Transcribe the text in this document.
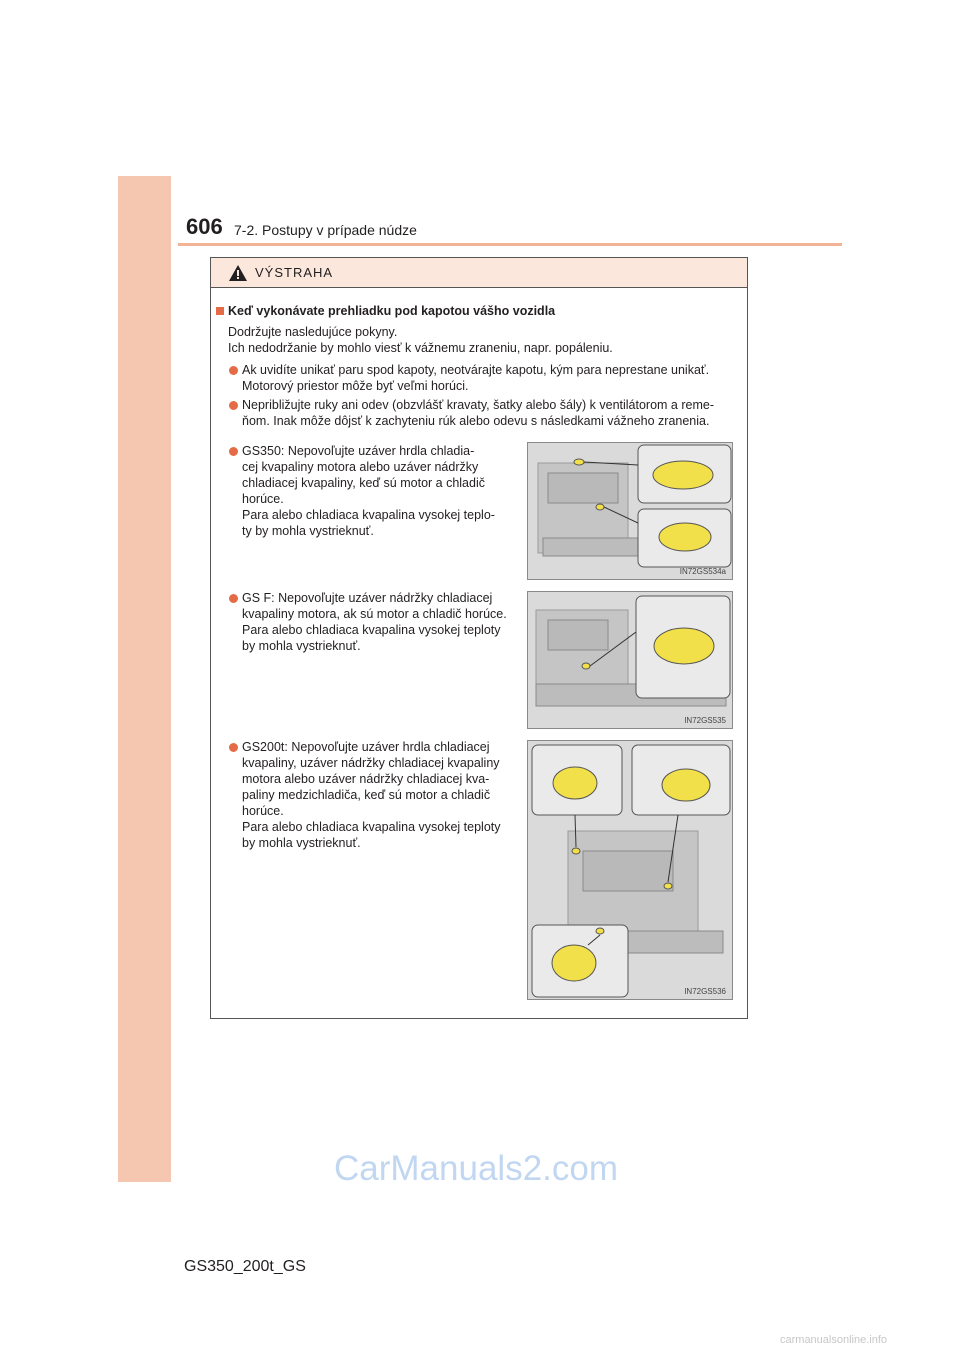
606 7-2. Postupy v prípade núdze
VÝSTRAHA
Keď vykonávate prehliadku pod kapotou vášho vozidla
Dodržujte nasledujúce pokyny.
Ich nedodržanie by mohlo viesť k vážnemu zraneniu, napr. popáleniu.
Ak uvidíte unikať paru spod kapoty, neotvárajte kapotu, kým para neprestane unikať.
Motorový priestor môže byť veľmi horúci.
Nepribližujte ruky ani odev (obzvlášť kravaty, šatky alebo šály) k ventilátorom a reme-
ňom. Inak môže dôjsť k zachyteniu rúk alebo odevu s následkami vážneho zranenia.
GS350: Nepovoľujte uzáver hrdla chladia-
cej kvapaliny motora alebo uzáver nádržky
chladiacej kvapaliny, keď sú motor a chladič
horúce.
Para alebo chladiaca kvapalina vysokej teplo-
ty by mohla vystriekn​uť.
IN72GS534a
GS F: Nepovoľujte uzáver nádržky chladiacej
kvapaliny motora, ak sú motor a chladič horúce.
Para alebo chladiaca kvapalina vysokej teploty
by mohla vystriekn​uť.
IN72GS535
GS200t: Nepovoľujte uzáver hrdla chladiacej
kvapaliny, uzáver nádržky chladiacej kvapaliny
motora alebo uzáver nádržky chladiacej kva-
paliny medzichladiča, keď sú motor a chladič
horúce.
Para alebo chladiaca kvapalina vysokej teploty
by mohla vystriekn​uť.
IN72GS536
CarManuals2.com
GS350_200t_GS
carmanualsonline.info
